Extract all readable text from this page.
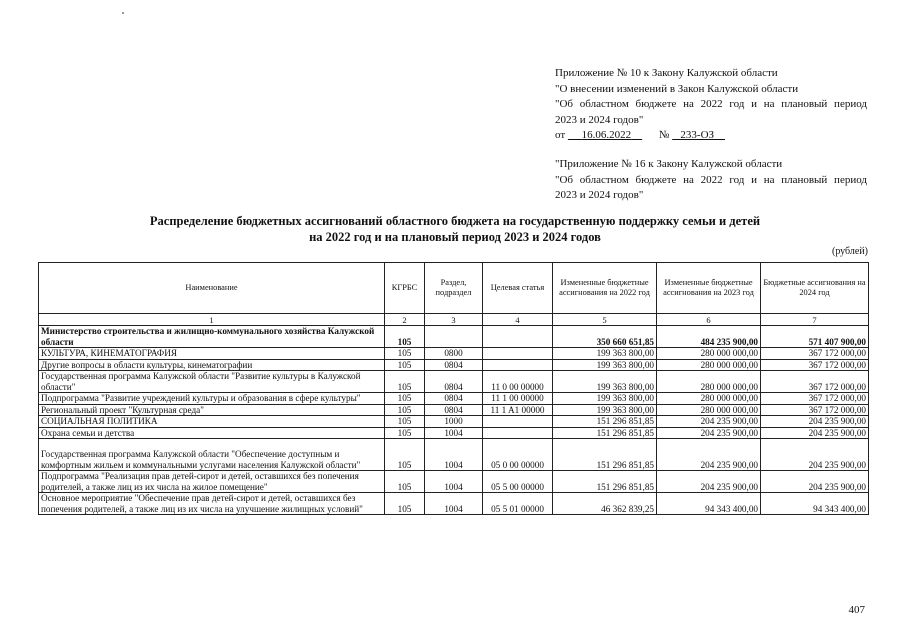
Приложение № 10 к Закону Калужской области
"О внесении изменений в Закон Калужской области
"Об областном бюджете на 2022 год и на плановый период
2023 и 2024 годов"
от 16.06.2022	№ 233-ОЗ
"Приложение № 16 к Закону Калужской области
"Об областном бюджете на 2022 год и на плановый период
2023 и 2024 годов"
Распределение бюджетных ассигнований областного бюджета на государственную поддержку семьи и детей
на 2022 год и на плановый период 2023 и 2024 годов
(рублей)
Наименование	КГРБС	Раздел, подраздел	Целевая статья	Измененные бюджетные ассигнования на 2022 год	Измененные бюджетные ассигнования на 2023 год	Бюджетные ассигнования на 2024 год
1	2	3	4	5	6	7
Министерство строительства и жилищно-коммунального хозяйства Калужской области	105			350 660 651,85	484 235 900,00	571 407 900,00
КУЛЬТУРА, КИНЕМАТОГРАФИЯ	105	0800		199 363 800,00	280 000 000,00	367 172 000,00
Другие вопросы в области культуры, кинематографии	105	0804		199 363 800,00	280 000 000,00	367 172 000,00
Государственная программа Калужской области "Развитие культуры в Калужской области"	105	0804	11 0 00 00000	199 363 800,00	280 000 000,00	367 172 000,00
Подпрограмма "Развитие учреждений культуры и образования в сфере культуры"	105	0804	11 1 00 00000	199 363 800,00	280 000 000,00	367 172 000,00
Региональный проект "Культурная среда"	105	0804	11 1 A1 00000	199 363 800,00	280 000 000,00	367 172 000,00
СОЦИАЛЬНАЯ ПОЛИТИКА	105	1000		151 296 851,85	204 235 900,00	204 235 900,00
Охрана семьи и детства	105	1004		151 296 851,85	204 235 900,00	204 235 900,00
Государственная программа Калужской области "Обеспечение доступным и комфортным жильем и коммунальными услугами населения Калужской области"	105	1004	05 0 00 00000	151 296 851,85	204 235 900,00	204 235 900,00
Подпрограмма "Реализация прав детей-сирот и детей, оставшихся без попечения родителей, а также лиц из их числа на жилое помещение"	105	1004	05 5 00 00000	151 296 851,85	204 235 900,00	204 235 900,00
Основное мероприятие "Обеспечение прав детей-сирот и детей, оставшихся без попечения родителей, а также лиц из их числа на улучшение жилищных условий"	105	1004	05 5 01 00000	46 362 839,25	94 343 400,00	94 343 400,00
407
